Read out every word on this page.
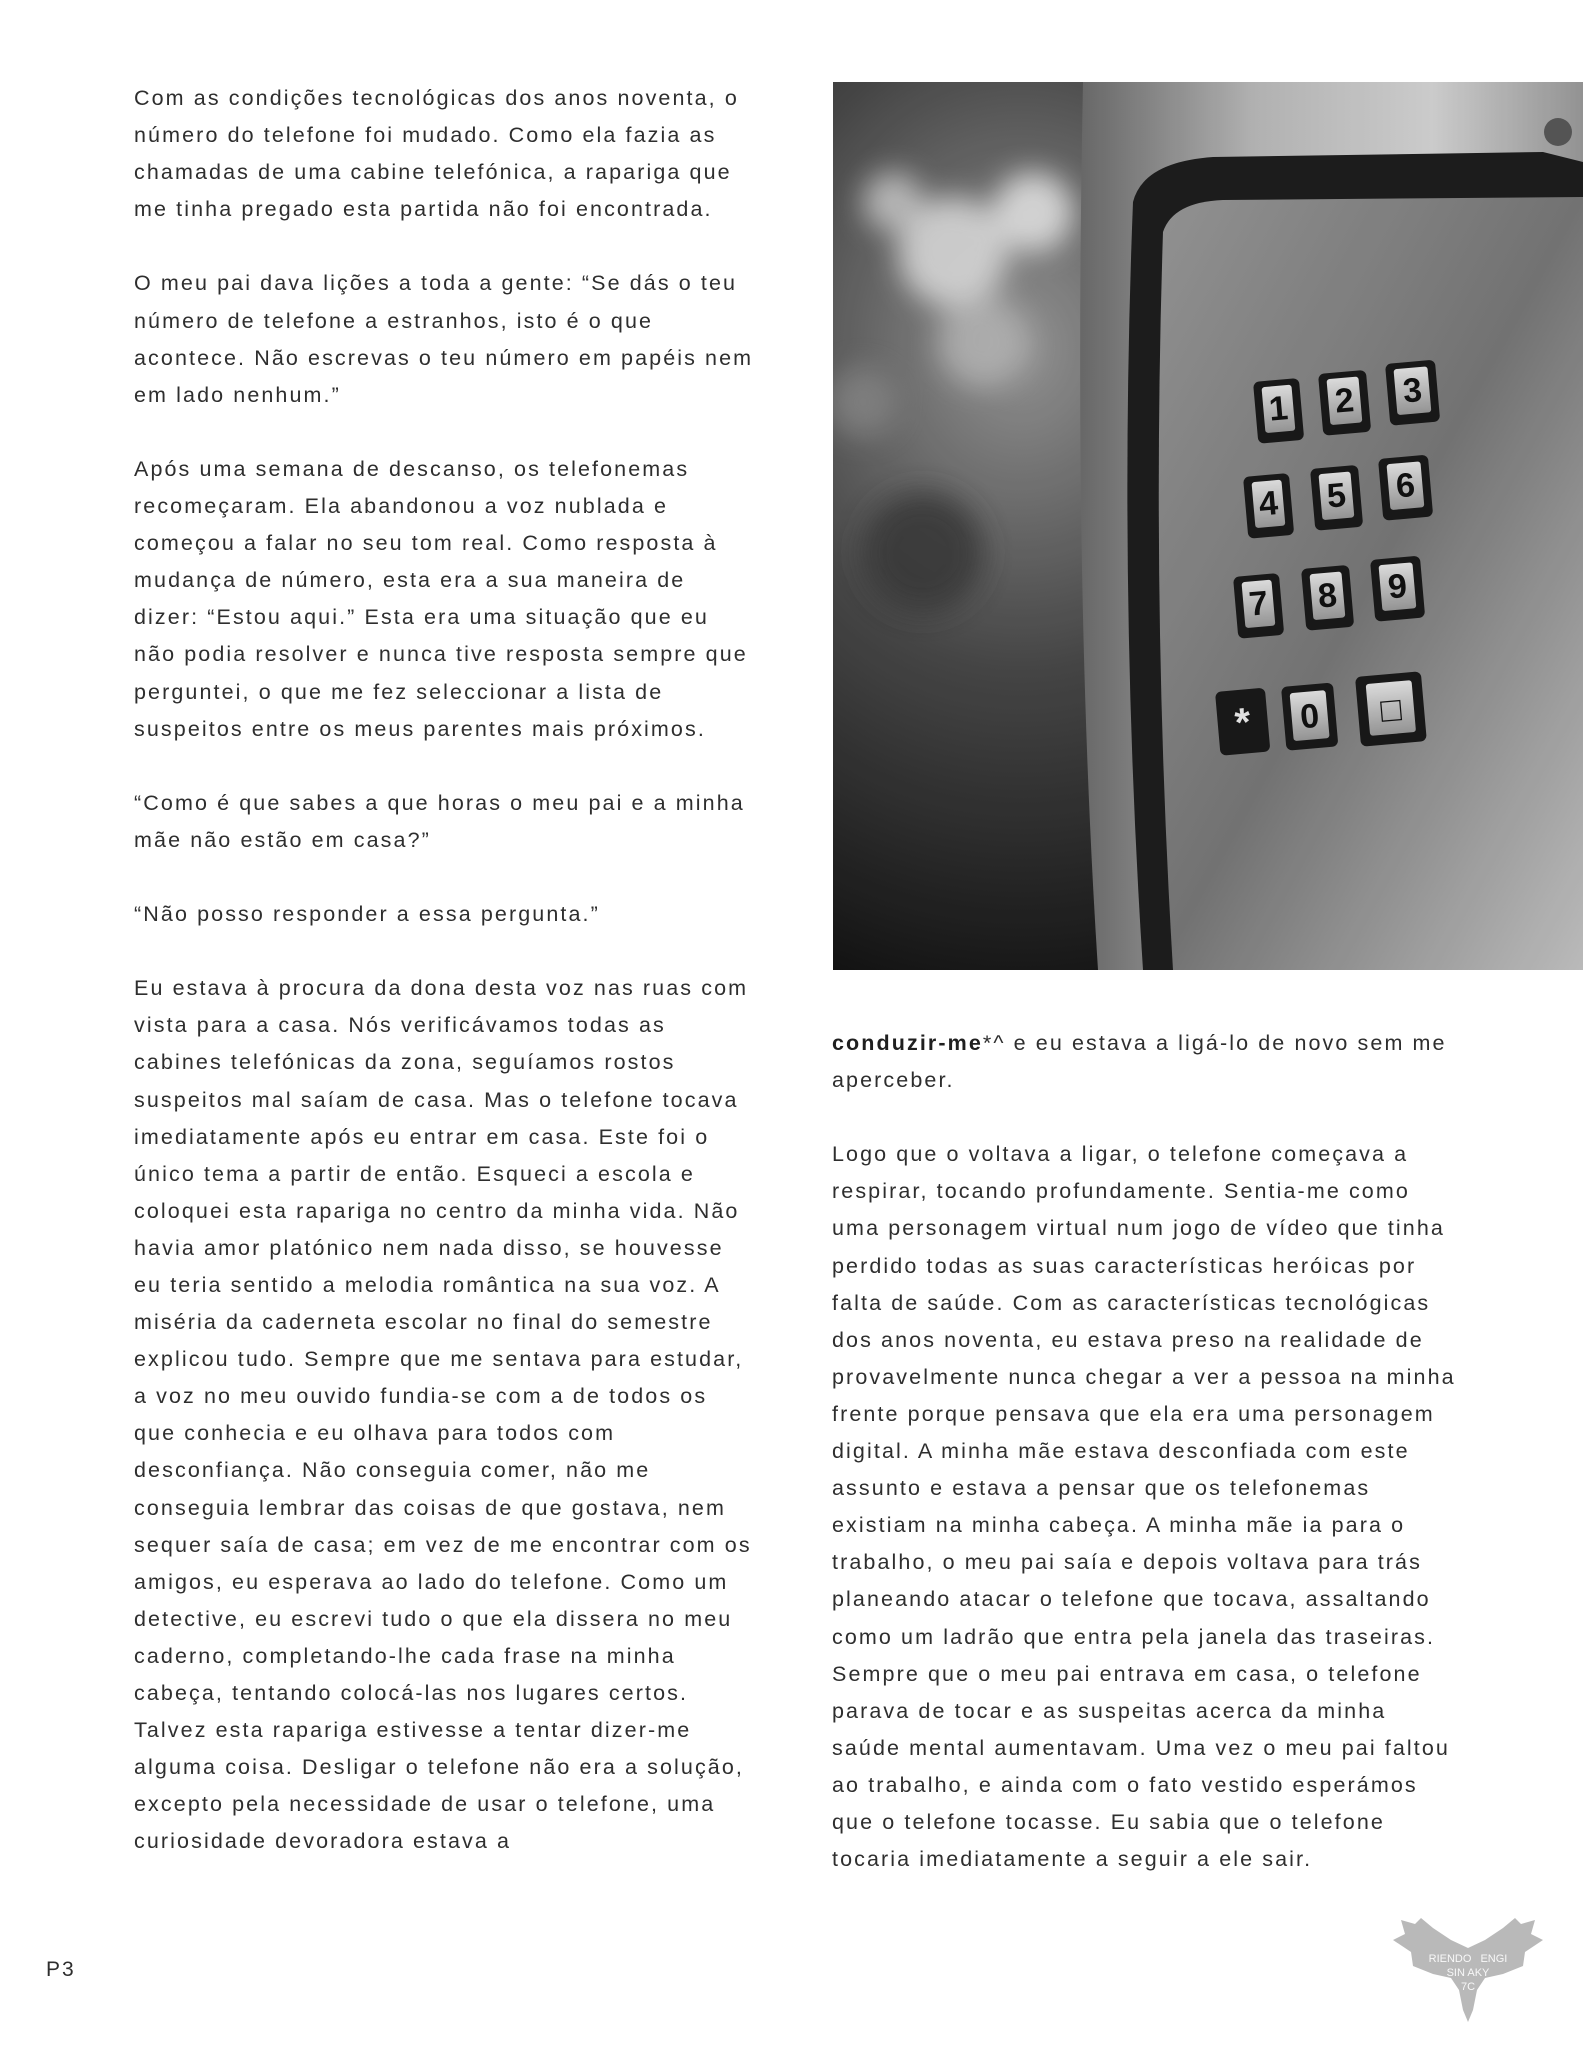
Com as condições tecnológicas dos anos noventa, o número do telefone foi mudado. Como ela fazia as chamadas de uma cabine telefónica, a rapariga que me tinha pregado esta partida não foi encontrada.

O meu pai dava lições a toda a gente: “Se dás o teu número de telefone a estranhos, isto é o que acontece. Não escrevas o teu número em papéis nem em lado nenhum.”

Após uma semana de descanso, os telefonemas recomeçaram. Ela abandonou a voz nublada e começou a falar no seu tom real. Como resposta à mudança de número, esta era a sua maneira de dizer: “Estou aqui.” Esta era uma situação que eu não podia resolver e nunca tive resposta sempre que perguntei, o que me fez seleccionar a lista de suspeitos entre os meus parentes mais próximos.

“Como é que sabes a que horas o meu pai e a minha mãe não estão em casa?”

“Não posso responder a essa pergunta.”

Eu estava à procura da dona desta voz nas ruas com vista para a casa. Nós verificávamos todas as cabines telefónicas da zona, seguíamos rostos suspeitos mal saíam de casa. Mas o telefone tocava imediatamente após eu entrar em casa. Este foi o único tema a partir de então. Esqueci a escola e coloquei esta rapariga no centro da minha vida. Não havia amor platónico nem nada disso, se houvesse eu teria sentido a melodia romântica na sua voz. A miséria da caderneta escolar no final do semestre explicou tudo. Sempre que me sentava para estudar, a voz no meu ouvido fundia-se com a de todos os que conhecia e eu olhava para todos com desconfiança. Não conseguia comer, não me conseguia lembrar das coisas de que gostava, nem sequer saía de casa; em vez de me encontrar com os amigos, eu esperava ao lado do telefone. Como um detective, eu escrevi tudo o que ela dissera no meu caderno, completando-lhe cada frase na minha cabeça, tentando colocá-las nos lugares certos. Talvez esta rapariga estivesse a tentar dizer-me alguma coisa. Desligar o telefone não era a solução, excepto pela necessidade de usar o telefone, uma curiosidade devoradora estava a

1 2 3
4 5 6
7 8 9
* 0 □

conduzir-me*^ e eu estava a ligá-lo de novo sem me aperceber.

Logo que o voltava a ligar, o telefone começava a respirar, tocando profundamente. Sentia-me como uma personagem virtual num jogo de vídeo que tinha perdido todas as suas características heróicas por falta de saúde. Com as características tecnológicas dos anos noventa, eu estava preso na realidade de provavelmente nunca chegar a ver a pessoa na minha frente porque pensava que ela era uma personagem digital. A minha mãe estava desconfiada com este assunto e estava a pensar que os telefonemas existiam na minha cabeça. A minha mãe ia para o trabalho, o meu pai saía e depois voltava para trás planeando atacar o telefone que tocava, assaltando como um ladrão que entra pela janela das traseiras. Sempre que o meu pai entrava em casa, o telefone parava de tocar e as suspeitas acerca da minha saúde mental aumentavam. Uma vez o meu pai faltou ao trabalho, e ainda com o fato vestido esperámos que o telefone tocasse. Eu sabia que o telefone tocaria imediatamente a seguir a ele sair.

P3	RIENDO ENGI
SIN AKY
7C
